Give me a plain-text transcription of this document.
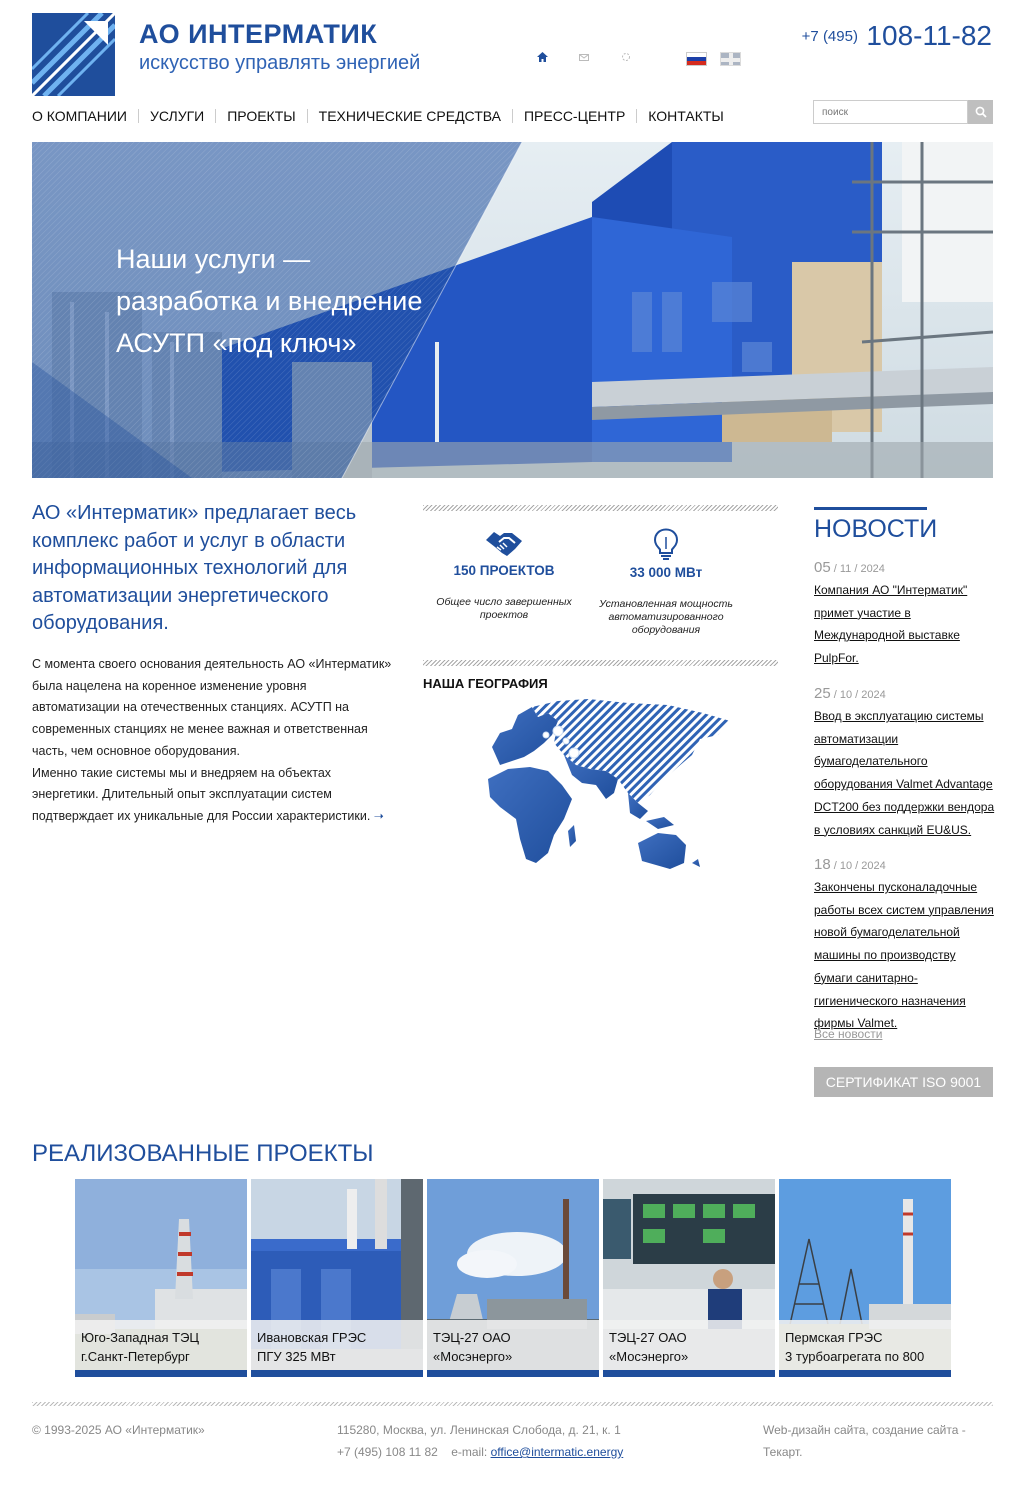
АО ИНТЕРМАТИК
искусство управлять энергией
+7 (495) 108-11-82
О КОМПАНИИ	УСЛУГИ	ПРОЕКТЫ	ТЕХНИЧЕСКИЕ СРЕДСТВА	ПРЕСС-ЦЕНТР	КОНТАКТЫ
поиск
Наши услуги —
разработка и внедрение
АСУТП «под ключ»
АО «Интерматик» предлагает весь комплекс работ и услуг в области информационных технологий для автоматизации энергетического оборудования.
С момента своего основания деятельность АО «Интерматик» была нацелена на коренное изменение уровня автоматизации на отечественных станциях. АСУТП на современных станциях не менее важная и ответственная часть, чем основное оборудования.
Именно такие системы мы и внедряем на объектах энергетики. Длительный опыт эксплуатации систем подтверждает их уникальные для России характеристики. ➝
150 ПРОЕКТОВ
Общее число завершенных проектов
33 000 МВт
Установленная мощность автоматизированного оборудования
НАША ГЕОГРАФИЯ
НОВОСТИ
05 / 11 / 2024
Компания АО "Интерматик" примет участие в Международной выставке PulpFor.
25 / 10 / 2024
Ввод в эксплуатацию системы автоматизации бумагоделательного оборудования Valmet Advantage DCT200 без поддержки вендора в условиях санкций EU&US.
18 / 10 / 2024
Закончены пусконаладочные работы всех систем управления новой бумагоделательной машины по производству бумаги санитарно-гигиенического назначения фирмы Valmet.
Все новости
СЕРТИФИКАТ ISO 9001
РЕАЛИЗОВАННЫЕ ПРОЕКТЫ
Юго-Западная ТЭЦ
г.Санкт-Петербург
Ивановская ГРЭС
ПГУ 325 МВт
ТЭЦ-27 ОАО
«Мосэнерго»
ТЭЦ-27 ОАО
«Мосэнерго»
Пермская ГРЭС
3 турбоагрегата по 800
© 1993-2025 АО «Интерматик»	115280, Москва, ул. Ленинская Слобода, д. 21, к. 1
+7 (495) 108 11 82 e-mail: office@intermatic.energy
Web-дизайн сайта, создание сайта - Текарт.
